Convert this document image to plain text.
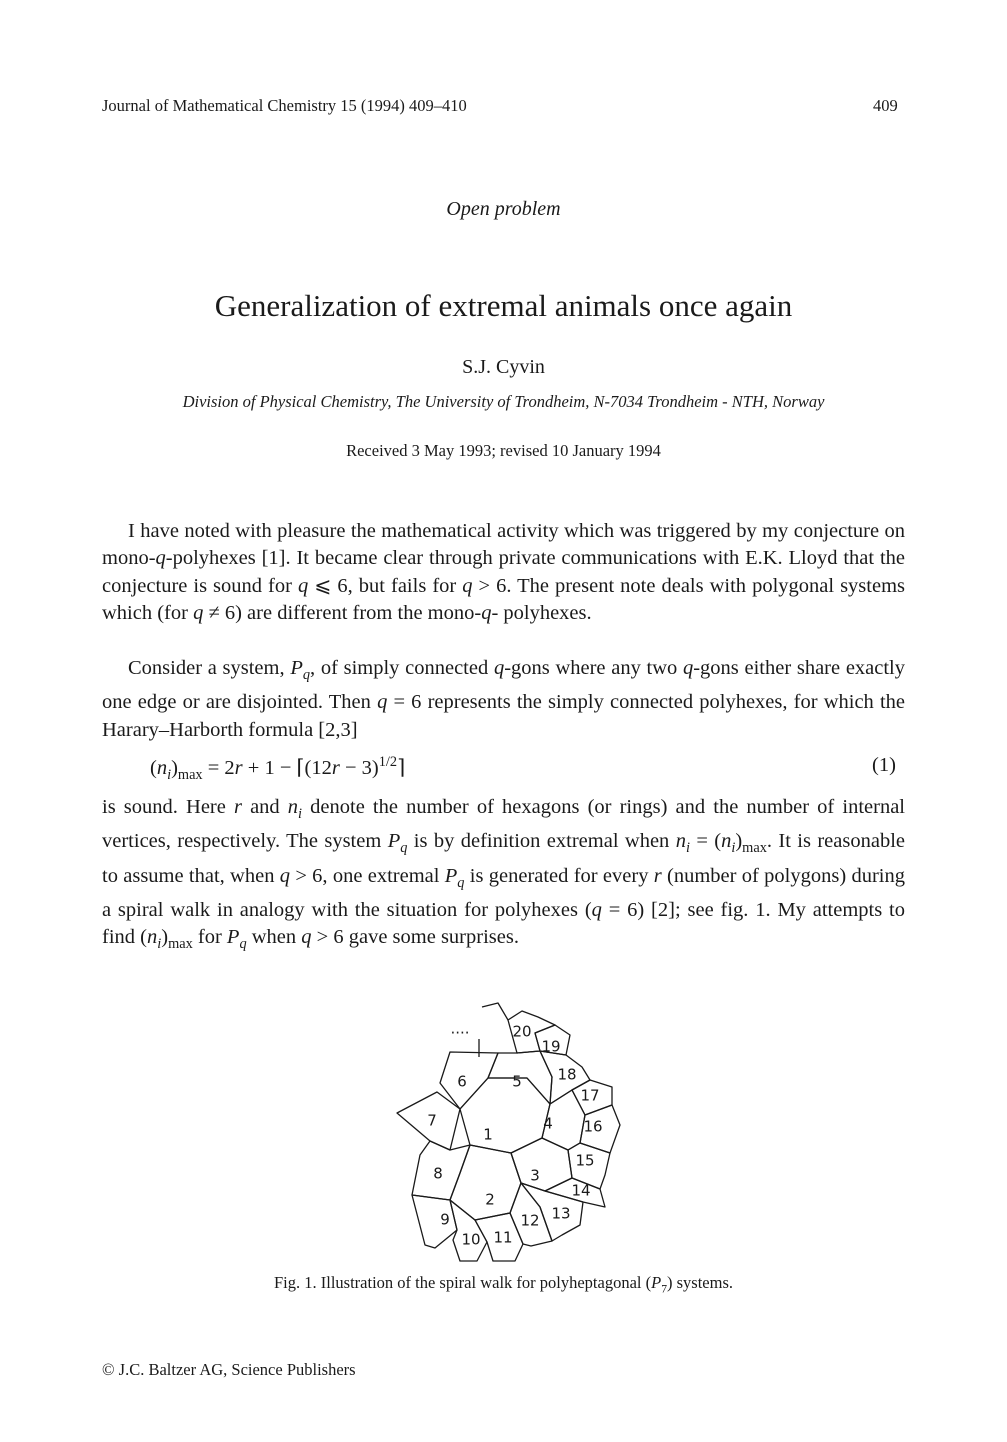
Journal of Mathematical Chemistry 15 (1994) 409–410	409
Open problem
Generalization of extremal animals once again
S.J. Cyvin
Division of Physical Chemistry, The University of Trondheim, N-7034 Trondheim - NTH, Norway
Received 3 May 1993; revised 10 January 1994

I have noted with pleasure the mathematical activity which was triggered by my conjecture on mono-q-polyhexes [1]. It became clear through private communications with E.K. Lloyd that the conjecture is sound for q ⩽ 6, but fails for q > 6. The present note deals with polygonal systems which (for q ≠ 6) are different from the mono-q- polyhexes.

Consider a system, $P_q$, of simply connected q-gons where any two q-gons either share exactly one edge or are disjointed. Then q = 6 represents the simply connected polyhexes, for which the Harary–Harborth formula [2,3]

$(n_i)_{max} = 2r + 1$ − ⌈(12r − 3)$^{1/2}$⌉	(1)

is sound. Here r and $n_i$ denote the number of hexagons (or rings) and the number of internal vertices, respectively. The system $P_q$ is by definition extremal when $n_i = (n_i)_{max}$. It is reasonable to assume that, when q > 6, one extremal $P_q$ is generated for every r (number of polygons) during a spiral walk in analogy with the situation for polyhexes (q = 6) [2]; see fig. 1. My attempts to find $(n_i)_{max}$ for $P_q$ when q > 6 gave some surprises.

....
1
2
3
4
5
6
7
8
9
10 11
12 13
14
15
16
17
18
19
20
Fig. 1. Illustration of the spiral walk for polyheptagonal $(P_7)$ systems.
© J.C. Baltzer AG, Science Publishers
